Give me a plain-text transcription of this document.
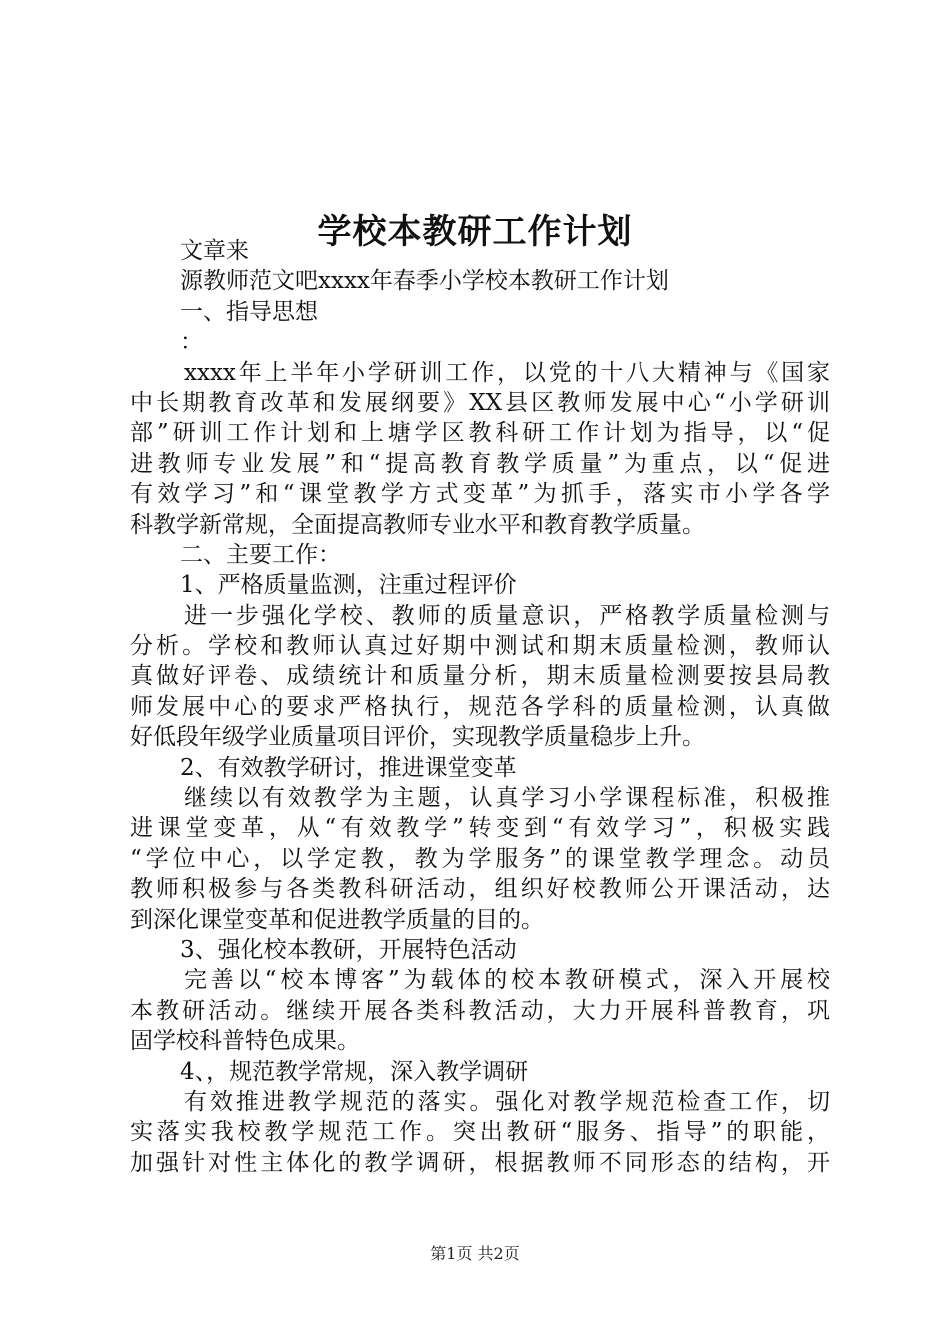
学校本教研工作计划
文章来
源教师范文吧xxxx年春季小学校本教研工作计划
一、指导思想
：
xxxx年上半年小学研训工作，以党的十八大精神与《国家
中长期教育改革和发展纲要》XX县区教师发展中心“小学研训
部”研训工作计划和上塘学区教科研工作计划为指导，以“促
进教师专业发展”和“提高教育教学质量”为重点，以“促进
有效学习”和“课堂教学方式变革”为抓手，落实市小学各学
科教学新常规，全面提高教师专业水平和教育教学质量。
二、主要工作：
1、严格质量监测，注重过程评价
进一步强化学校、教师的质量意识，严格教学质量检测与
分析。学校和教师认真过好期中测试和期末质量检测，教师认
真做好评卷、成绩统计和质量分析，期末质量检测要按县局教
师发展中心的要求严格执行，规范各学科的质量检测，认真做
好低段年级学业质量项目评价，实现教学质量稳步上升。
2、有效教学研讨，推进课堂变革
继续以有效教学为主题，认真学习小学课程标准，积极推
进课堂变革，从“有效教学”转变到“有效学习”，积极实践
“学位中心，以学定教，教为学服务”的课堂教学理念。动员
教师积极参与各类教科研活动，组织好校教师公开课活动，达
到深化课堂变革和促进教学质量的目的。
3、强化校本教研，开展特色活动
完善以“校本博客”为载体的校本教研模式，深入开展校
本教研活动。继续开展各类科教活动，大力开展科普教育，巩
固学校科普特色成果。
4、，规范教学常规，深入教学调研
有效推进教学规范的落实。强化对教学规范检查工作，切
实落实我校教学规范工作。突出教研“服务、指导”的职能，
加强针对性主体化的教学调研，根据教师不同形态的结构，开
第1页 共2页
